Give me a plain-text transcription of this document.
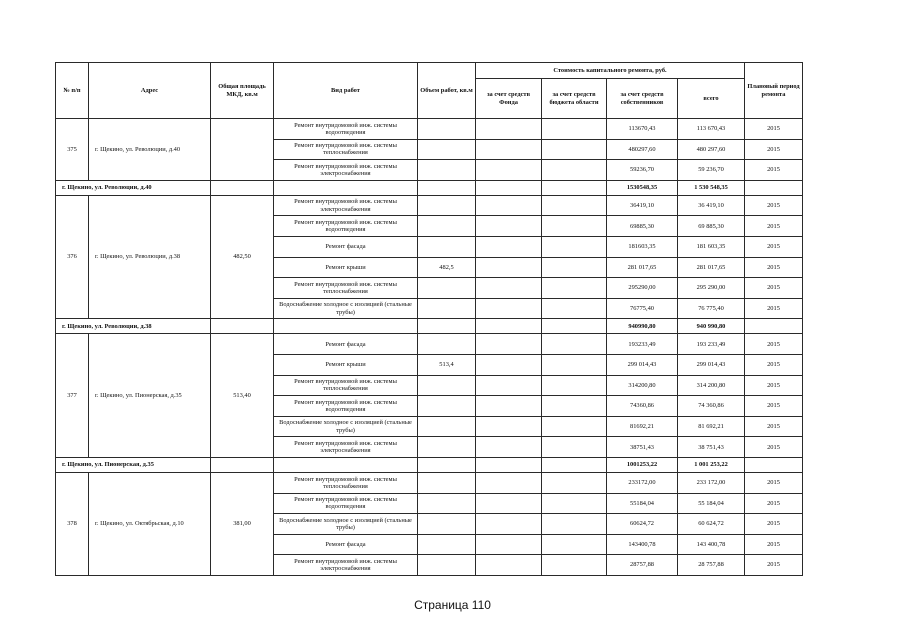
№ п/п	Адрес	Общая площадь МКД, кв.м	Вид работ	Объем работ, кв.м	Стоимость капитального ремонта, руб.				Плановый период ремонта
					за счет средств Фонда	за счет средств бюджета области	за счет средств собственников	всего	
375	г. Щекино, ул. Революции, д.40		Ремонт внутридомовой инж. системы водоотведения				113670,43	113 670,43	2015
			Ремонт внутридомовой инж. системы теплоснабжения				480297,60	480 297,60	2015
			Ремонт внутридомовой инж. системы электроснабжения				59236,70	59 236,70	2015
г. Щекино, ул. Революции, д.40							1530548,35	1 530 548,35	
376	г. Щекино, ул. Революции, д.38	482,50	Ремонт внутридомовой инж. системы электроснабжения				36419,10	36 419,10	2015
			Ремонт внутридомовой инж. системы водоотведения				69885,30	69 885,30	2015
			Ремонт фасада				181603,35	181 603,35	2015
			Ремонт крыши	482,5			281 017,65	281 017,65	2015
			Ремонт внутридомовой инж. системы теплоснабжения				295290,00	295 290,00	2015
			Водоснабжение холодное с изоляцией (стальные трубы)				76775,40	76 775,40	2015
г. Щекино, ул. Революции, д.38							940990,80	940 990,80	
377	г. Щекино, ул. Пионерская, д.35	513,40	Ремонт фасада				193233,49	193 233,49	2015
			Ремонт крыши	513,4			299 014,43	299 014,43	2015
			Ремонт внутридомовой инж. системы теплоснабжения				314200,80	314 200,80	2015
			Ремонт внутридомовой инж. системы водоотведения				74360,86	74 360,86	2015
			Водоснабжение холодное с изоляцией (стальные трубы)				81692,21	81 692,21	2015
			Ремонт внутридомовой инж. системы электроснабжения				38751,43	38 751,43	2015
г. Щекино, ул. Пионерская, д.35							1001253,22	1 001 253,22	
378	г. Щекино, ул. Октябрьская, д.10	381,00	Ремонт внутридомовой инж. системы теплоснабжения				233172,00	233 172,00	2015
			Ремонт внутридомовой инж. системы водоотведения				55184,04	55 184,04	2015
			Водоснабжение холодное с изоляцией (стальные трубы)				60624,72	60 624,72	2015
			Ремонт фасада				143400,78	143 400,78	2015
			Ремонт внутридомовой инж. системы электроснабжения				28757,88	28 757,88	2015
Страница 110
